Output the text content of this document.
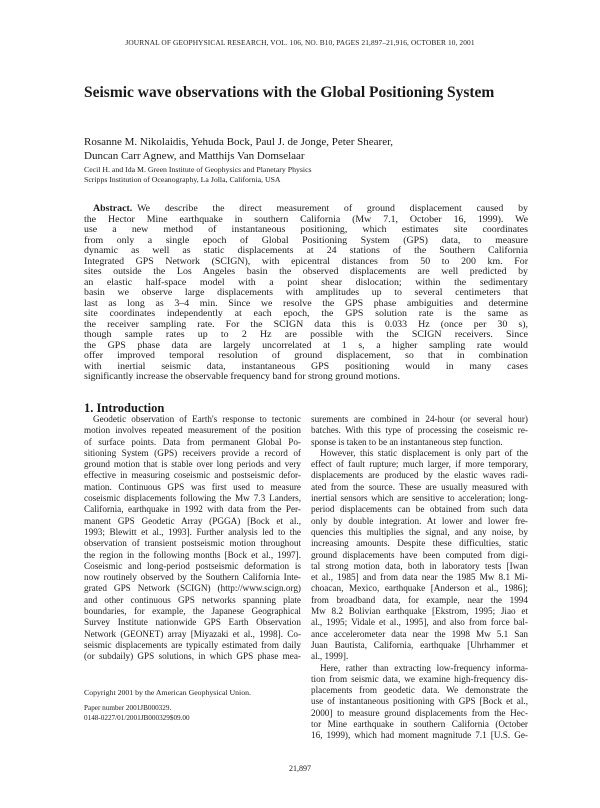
JOURNAL OF GEOPHYSICAL RESEARCH, VOL. 106, NO. B10, PAGES 21,897–21,916, OCTOBER 10, 2001
Seismic wave observations with the Global Positioning System
Rosanne M. Nikolaidis, Yehuda Bock, Paul J. de Jonge, Peter Shearer,
Duncan Carr Agnew, and Matthijs Van Domselaar
Cecil H. and Ida M. Green Institute of Geophysics and Planetary Physics
Scripps Institution of Oceanography, La Jolla, California, USA
Abstract.  We describe the direct measurement of ground displacement caused by
the Hector Mine earthquake in southern California (Mw 7.1, October 16, 1999). We
use a new method of instantaneous positioning, which estimates site coordinates
from only a single epoch of Global Positioning System (GPS) data, to measure
dynamic as well as static displacements at 24 stations of the Southern California
Integrated GPS Network (SCIGN), with epicentral distances from 50 to 200 km. For
sites outside the Los Angeles basin the observed displacements are well predicted by
an elastic half-space model with a point shear dislocation; within the sedimentary
basin we observe large displacements with amplitudes up to several centimeters that
last as long as 3–4 min. Since we resolve the GPS phase ambiguities and determine
site coordinates independently at each epoch, the GPS solution rate is the same as
the receiver sampling rate. For the SCIGN data this is 0.033 Hz (once per 30 s),
though sample rates up to 2 Hz are possible with the SCIGN receivers. Since
the GPS phase data are largely uncorrelated at 1 s, a higher sampling rate would
offer improved temporal resolution of ground displacement, so that in combination
with inertial seismic data, instantaneous GPS positioning would in many cases
significantly increase the observable frequency band for strong ground motions.
1. Introduction
Geodetic observation of Earth's response to tectonic
motion involves repeated measurement of the position
of surface points. Data from permanent Global Po-
sitioning System (GPS) receivers provide a record of
ground motion that is stable over long periods and very
effective in measuring coseismic and postseismic defor-
mation. Continuous GPS was first used to measure
coseismic displacements following the Mw 7.3 Landers,
California, earthquake in 1992 with data from the Per-
manent GPS Geodetic Array (PGGA) [Bock et al.,
1993; Blewitt et al., 1993]. Further analysis led to the
observation of transient postseismic motion throughout
the region in the following months [Bock et al., 1997].
Coseismic and long-period postseismic deformation is
now routinely observed by the Southern California Inte-
grated GPS Network (SCIGN) (http://www.scign.org)
and other continuous GPS networks spanning plate
boundaries, for example, the Japanese Geographical
Survey Institute nationwide GPS Earth Observation
Network (GEONET) array [Miyazaki et al., 1998]. Co-
seismic displacements are typically estimated from daily
(or subdaily) GPS solutions, in which GPS phase mea-
surements are combined in 24-hour (or several hour)
batches. With this type of processing the coseismic re-
sponse is taken to be an instantaneous step function.
However, this static displacement is only part of the
effect of fault rupture; much larger, if more temporary,
displacements are produced by the elastic waves radi-
ated from the source. These are usually measured with
inertial sensors which are sensitive to acceleration; long-
period displacements can be obtained from such data
only by double integration. At lower and lower fre-
quencies this multiplies the signal, and any noise, by
increasing amounts. Despite these difficulties, static
ground displacements have been computed from digi-
tal strong motion data, both in laboratory tests [Iwan
et al., 1985] and from data near the 1985 Mw 8.1 Mi-
choacan, Mexico, earthquake [Anderson et al., 1986];
from broadband data, for example, near the 1994
Mw 8.2 Bolivian earthquake [Ekstrom, 1995; Jiao et
al., 1995; Vidale et al., 1995], and also from force bal-
ance accelerometer data near the 1998 Mw 5.1 San
Juan Bautista, California, earthquake [Uhrhammer et
al., 1999].
Here, rather than extracting low-frequency informa-
tion from seismic data, we examine high-frequency dis-
placements from geodetic data. We demonstrate the
use of instantaneous positioning with GPS [Bock et al.,
2000] to measure ground displacements from the Hec-
tor Mine earthquake in southern California (October
16, 1999), which had moment magnitude 7.1 [U.S. Ge-
Copyright 2001 by the American Geophysical Union.
Paper number 2001JB000329.
0148-0227/01/2001JB000329$09.00
21,897
